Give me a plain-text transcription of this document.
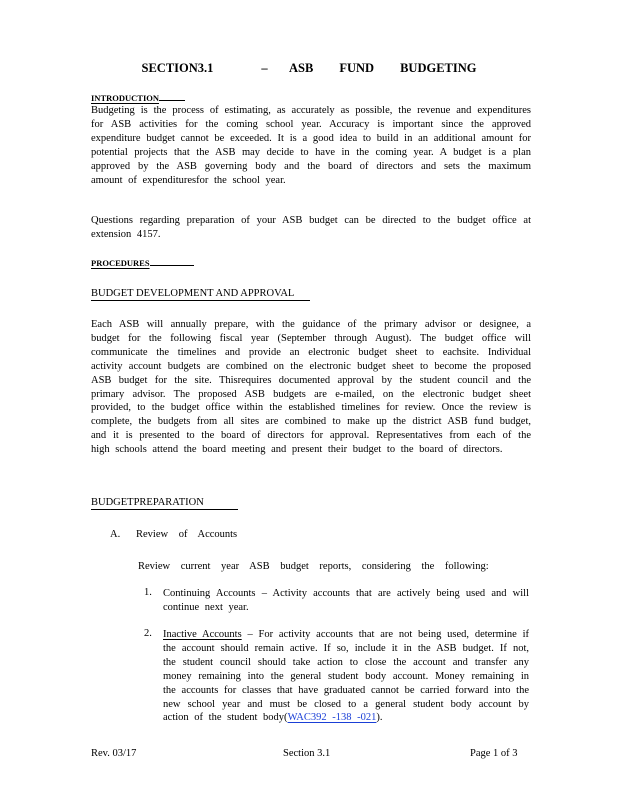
SECTION3.1	– ASB FUND BUDGETING
INTRODUCTION

Budgeting is the process of estimating, as accurately as possible, the revenue and expenditures for ASB activities for the coming school year. Accuracy is important since the approved expenditure budget cannot be exceeded. It is a good idea to build in an additional amount for potential projects that the ASB may decide to have in the coming year. A budget is a plan approved by the ASB governing body and the board of directors and sets the maximum amount of expendituresfor the school year.

Questions regarding preparation of your ASB budget can be directed to the budget office at extension 4157.

PROCEDURES
BUDGET DEVELOPMENT AND APPROVAL

Each ASB will annually prepare, with the guidance of the primary advisor or designee, a budget for the following fiscal year (September through August). The budget office will communicate the timelines and provide an electronic budget sheet to eachsite. Individual activity account budgets are combined on the electronic budget sheet to become the proposed ASB budget for the site. Thisrequires documented approval by the student council and the primary advisor. The proposed ASB budgets are e-mailed, on the electronic budget sheet provided, to the budget office within the established timelines for review. Once the review is complete, the budgets from all sites are combined to make up the district ASB fund budget, and it is presented to the board of directors for approval. Representatives from each of the high schools attend the board meeting and present their budget to the board of directors.

BUDGETPREPARATION
A. Review of Accounts
Review current year ASB budget reports, considering the following:
1. Continuing Accounts – Activity accounts that are actively being used and will continue next year.
2. Inactive Accounts – For activity accounts that are not being used, determine if the account should remain active. If so, include it in the ASB budget. If not, the student council should take action to close the account and transfer any money remaining into the general student body account. Money remaining in the accounts for classes that have graduated cannot be carried forward into the new school year and must be closed to a general student body account by action of the student body(WAC392 -138 -021).
Rev. 03/17	Section 3.1	Page 1 of 3
